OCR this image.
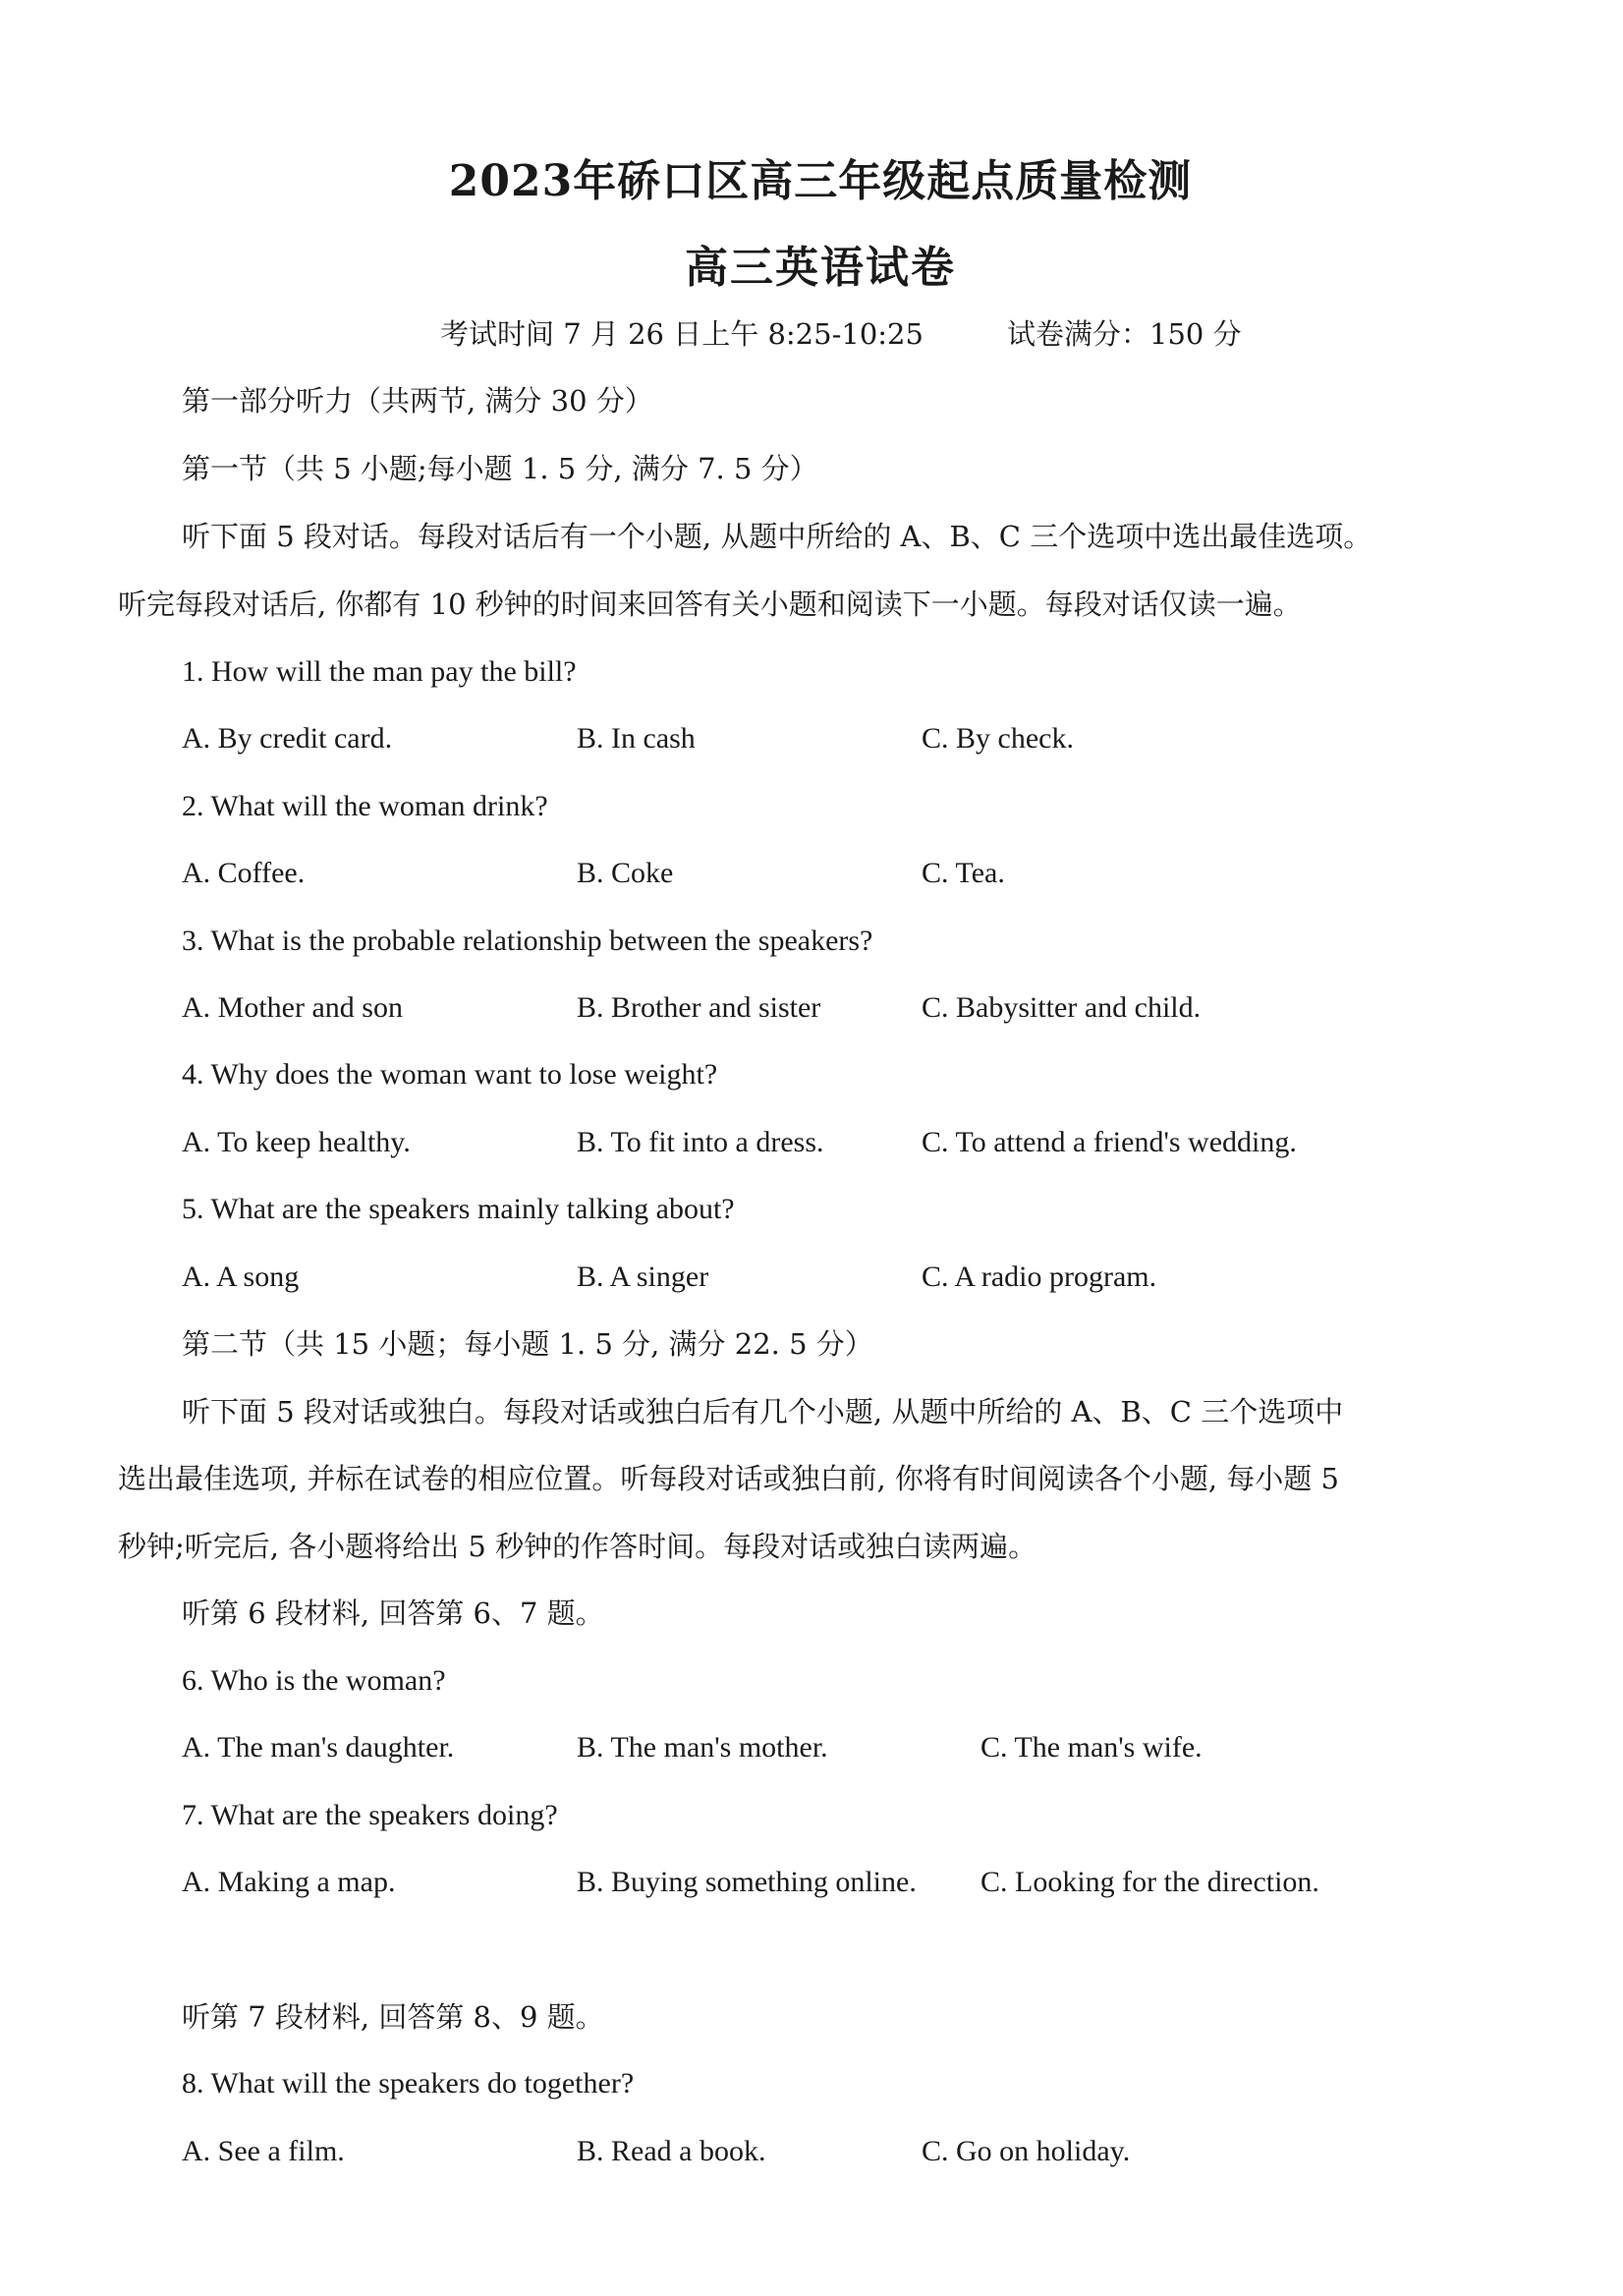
2023年硚口区高三年级起点质量检测
高三英语试卷
考试时间 7 月 26 日上午 8:25-10:25	试卷满分：150 分
第一部分听力（共两节, 满分 30 分）
第一节（共 5 小题;每小题 1. 5 分, 满分 7. 5 分）
听下面 5 段对话。每段对话后有一个小题, 从题中所给的 A、B、C 三个选项中选出最佳选项。
听完每段对话后, 你都有 10 秒钟的时间来回答有关小题和阅读下一小题。每段对话仅读一遍。
1. How will the man pay the bill?
A. By credit card.	B. In cash	C. By check.
2. What will the woman drink?
A. Coffee.	B. Coke	C. Tea.
3. What is the probable relationship between the speakers?
A. Mother and son	B. Brother and sister	C. Babysitter and child.
4. Why does the woman want to lose weight?
A. To keep healthy.	B. To fit into a dress.	C. To attend a friend's wedding.
5. What are the speakers mainly talking about?
A. A song	B. A singer	C. A radio program.
第二节（共 15 小题；每小题 1. 5 分, 满分 22. 5 分）
听下面 5 段对话或独白。每段对话或独白后有几个小题, 从题中所给的 A、B、C 三个选项中
选出最佳选项, 并标在试卷的相应位置。听每段对话或独白前, 你将有时间阅读各个小题, 每小题 5
秒钟;听完后, 各小题将给出 5 秒钟的作答时间。每段对话或独白读两遍。
听第 6 段材料, 回答第 6、7 题。
6. Who is the woman?
A. The man's daughter.	B. The man's mother.	C. The man's wife.
7. What are the speakers doing?
A. Making a map.	B. Buying something online. C. Looking for the direction.
听第 7 段材料, 回答第 8、9 题。
8. What will the speakers do together?
A. See a film.	B. Read a book.	C. Go on holiday.
